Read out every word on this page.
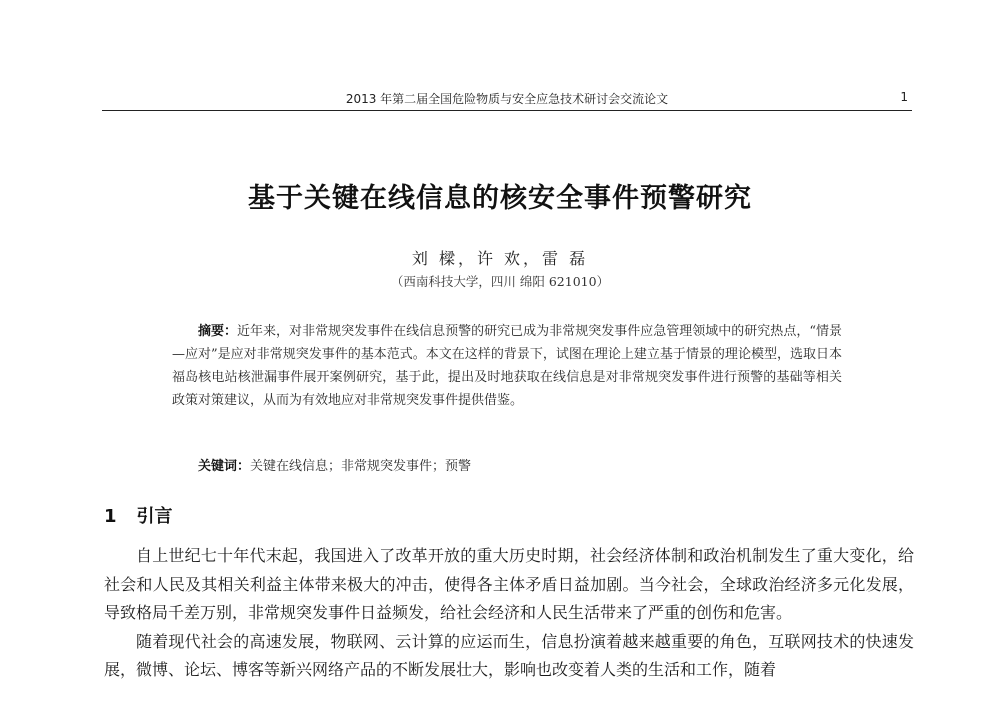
2013 年第二届全国危险物质与安全应急技术研讨会交流论文	1
基于关键在线信息的核安全事件预警研究
刘 樑，许 欢，雷 磊
（西南科技大学，四川 绵阳 621010）

摘要：近年来，对非常规突发事件在线信息预警的研究已成为非常规突发事件应急管理领域中的研究热点，“情景—应对”是应对非常规突发事件的基本范式。本文在这样的背景下，试图在理论上建立基于情景的理论模型，选取日本福岛核电站核泄漏事件展开案例研究，基于此，提出及时地获取在线信息是对非常规突发事件进行预警的基础等相关政策对策建议，从而为有效地应对非常规突发事件提供借鉴。

关键词：关键在线信息；非常规突发事件；预警
1 引言

自上世纪七十年代末起，我国进入了改革开放的重大历史时期，社会经济体制和政治机制发生了重大变化，给社会和人民及其相关利益主体带来极大的冲击，使得各主体矛盾日益加剧。当今社会，全球政治经济多元化发展，导致格局千差万别，非常规突发事件日益频发，给社会经济和人民生活带来了严重的创伤和危害。

随着现代社会的高速发展，物联网、云计算的应运而生，信息扮演着越来越重要的角色，互联网技术的快速发展，微博、论坛、博客等新兴网络产品的不断发展壮大，影响也改变着人类的生活和工作，随着
